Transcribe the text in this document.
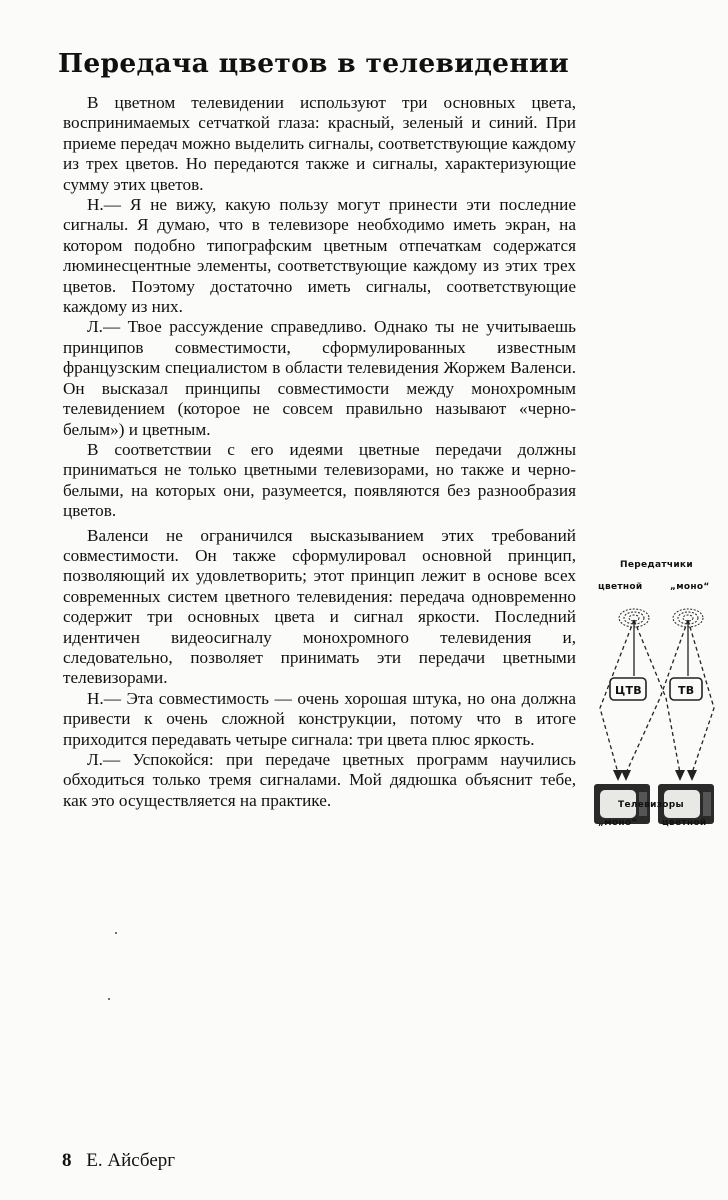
Передача цветов в телевидении

В цветном телевидении используют три основных цвета, воспринимаемых сетчаткой глаза: красный, зеленый и синий. При приеме передач можно выделить сигналы, соответствующие каждому из трех цветов. Но передаются также и сигналы, характеризующие сумму этих цветов.

Н.— Я не вижу, какую пользу могут принести эти последние сигналы. Я думаю, что в телевизоре необходимо иметь экран, на котором подобно типографским цветным отпечаткам содержатся люминесцентные элементы, соответствующие каждому из этих трех цветов. Поэтому достаточно иметь сигналы, соответствующие каждому из них.

Л.— Твое рассуждение справедливо. Однако ты не учитываешь принципов совместимости, сформулированных известным французским специалистом в области телевидения Жоржем Валенси. Он высказал принципы совместимости между монохромным телевидением (которое не совсем правильно называют «черно-белым») и цветным.

В соответствии с его идеями цветные передачи должны приниматься не только цветными телевизорами, но также и черно-белыми, на которых они, разумеется, появляются без разнообразия цветов.

Валенси не ограничился высказыванием этих требований совместимости. Он также сформулировал основной принцип, позволяющий их удовлетворить; этот принцип лежит в основе всех современных систем цветного телевидения: передача одновременно содержит три основных цвета и сигнал яркости. Последний идентичен видеосигналу монохромного телевидения и, следовательно, позволяет принимать эти передачи цветными телевизорами.

Н.— Эта совместимость — очень хорошая штука, но она должна привести к очень сложной конструкции, потому что в итоге приходится передавать четыре сигнала: три цвета плюс яркость.

Л.— Успокойся: при передаче цветных программ научились обходиться только тремя сигналами. Мой дядюшка объяснит тебе, как это осуществляется на практике.

Передатчики
цветной	„моно“
ЦТВ	ТВ
Телевизоры
„моно“	цветной
8 Е. Айсберг
